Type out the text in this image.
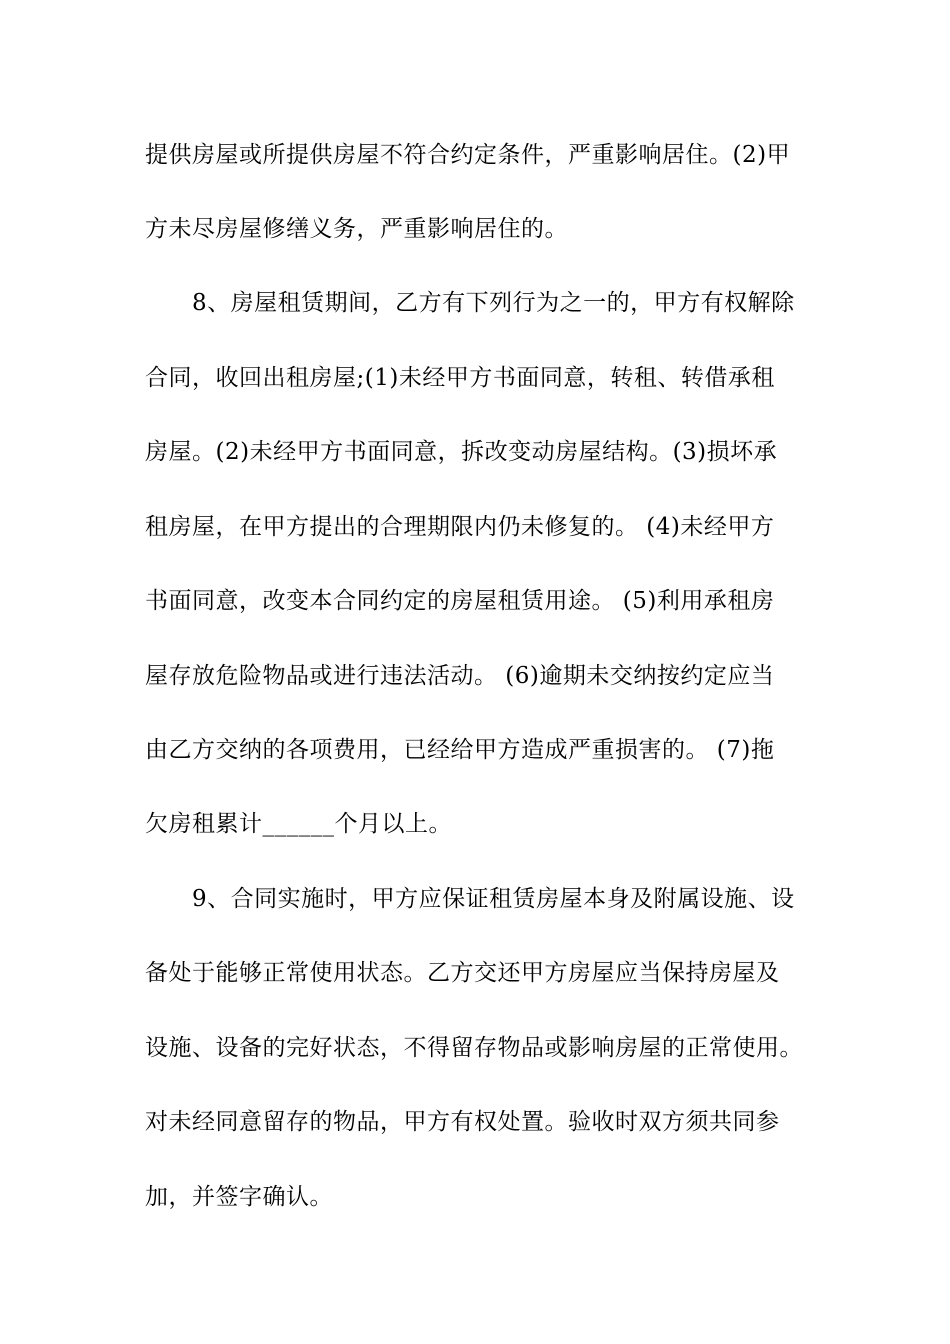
提供房屋或所提供房屋不符合约定条件，严重影响居住。(2)甲
方未尽房屋修缮义务，严重影响居住的。
8、房屋租赁期间，乙方有下列行为之一的，甲方有权解除
合同，收回出租房屋;(1)未经甲方书面同意，转租、转借承租
房屋。(2)未经甲方书面同意，拆改变动房屋结构。(3)损坏承
租房屋，在甲方提出的合理期限内仍未修复的。 (4)未经甲方
书面同意，改变本合同约定的房屋租赁用途。 (5)利用承租房
屋存放危险物品或进行违法活动。 (6)逾期未交纳按约定应当
由乙方交纳的各项费用，已经给甲方造成严重损害的。 (7)拖
欠房租累计______个月以上。
9、合同实施时，甲方应保证租赁房屋本身及附属设施、设
备处于能够正常使用状态。乙方交还甲方房屋应当保持房屋及
设施、设备的完好状态，不得留存物品或影响房屋的正常使用。
对未经同意留存的物品，甲方有权处置。验收时双方须共同参
加，并签字确认。
